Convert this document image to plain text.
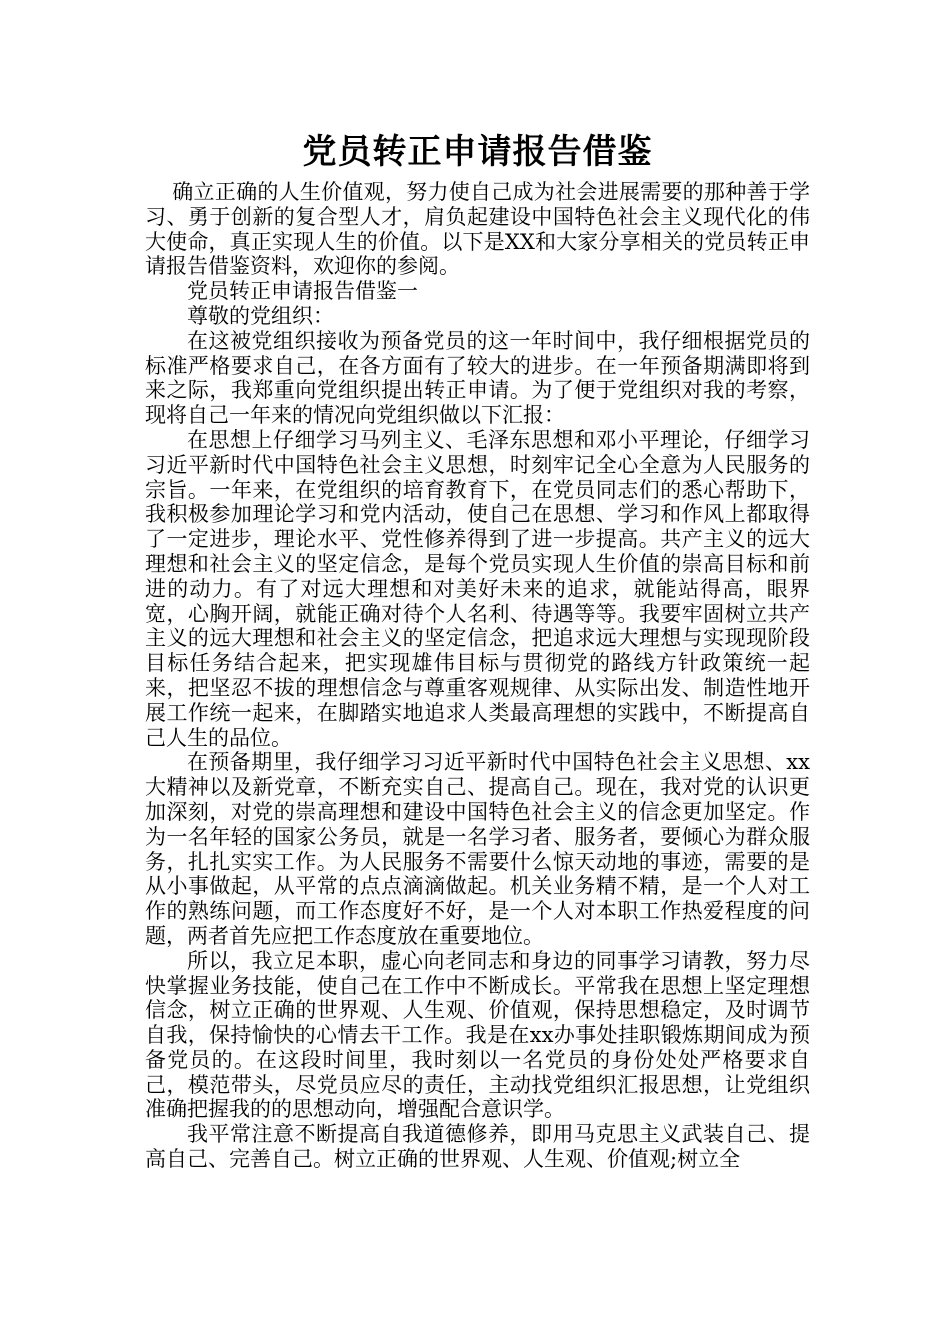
党员转正申请报告借鉴

确立正确的人生价值观，努力使自己成为社会进展需要的那种善于学习、勇于创新的复合型人才，肩负起建设中国特色社会主义现代化的伟大使命，真正实现人生的价值。以下是XX和大家分享相关的党员转正申请报告借鉴资料，欢迎你的参阅。

党员转正申请报告借鉴一

尊敬的党组织：

在这被党组织接收为预备党员的这一年时间中，我仔细根据党员的标准严格要求自己，在各方面有了较大的进步。在一年预备期满即将到来之际，我郑重向党组织提出转正申请。为了便于党组织对我的考察，现将自己一年来的情况向党组织做以下汇报：

在思想上仔细学习马列主义、毛泽东思想和邓小平理论，仔细学习习近平新时代中国特色社会主义思想，时刻牢记全心全意为人民服务的宗旨。一年来，在党组织的培育教育下，在党员同志们的悉心帮助下，我积极参加理论学习和党内活动，使自己在思想、学习和作风上都取得了一定进步，理论水平、党性修养得到了进一步提高。共产主义的远大理想和社会主义的坚定信念，是每个党员实现人生价值的崇高目标和前进的动力。有了对远大理想和对美好未来的追求，就能站得高，眼界宽，心胸开阔，就能正确对待个人名利、待遇等等。我要牢固树立共产主义的远大理想和社会主义的坚定信念，把追求远大理想与实现现阶段目标任务结合起来，把实现雄伟目标与贯彻党的路线方针政策统一起来，把坚忍不拔的理想信念与尊重客观规律、从实际出发、制造性地开展工作统一起来，在脚踏实地追求人类最高理想的实践中，不断提高自己人生的品位。

在预备期里，我仔细学习习近平新时代中国特色社会主义思想、xx大精神以及新党章，不断充实自己、提高自己。现在，我对党的认识更加深刻，对党的崇高理想和建设中国特色社会主义的信念更加坚定。作为一名年轻的国家公务员，就是一名学习者、服务者，要倾心为群众服务，扎扎实实工作。为人民服务不需要什么惊天动地的事迹，需要的是从小事做起，从平常的点点滴滴做起。机关业务精不精，是一个人对工作的熟练问题，而工作态度好不好，是一个人对本职工作热爱程度的问题，两者首先应把工作态度放在重要地位。

所以，我立足本职，虚心向老同志和身边的同事学习请教，努力尽快掌握业务技能，使自己在工作中不断成长。平常我在思想上坚定理想信念，树立正确的世界观、人生观、价值观，保持思想稳定，及时调节自我，保持愉快的心情去干工作。我是在xx办事处挂职锻炼期间成为预备党员的。在这段时间里，我时刻以一名党员的身份处处严格要求自己，模范带头，尽党员应尽的责任，主动找党组织汇报思想，让党组织准确把握我的的思想动向，增强配合意识学。

我平常注意不断提高自我道德修养，即用马克思主义武装自己、提高自己、完善自己。树立正确的世界观、人生观、价值观;树立全
